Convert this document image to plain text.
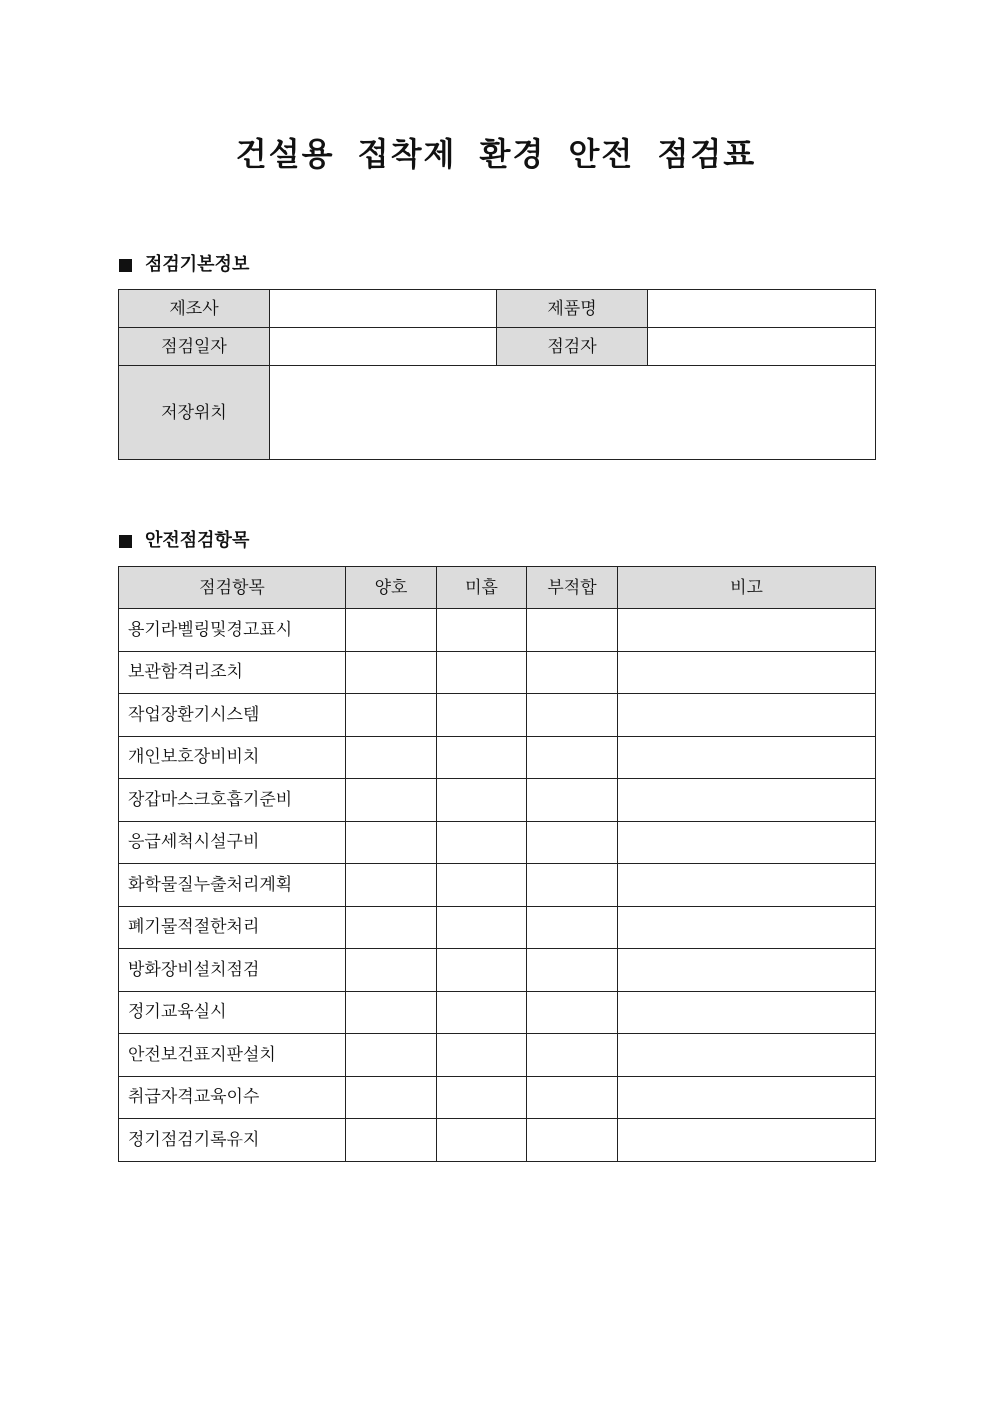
건설용 접착제 환경 안전 점검표
점검기본정보
제조사		제품명	
점검일자		점검자	
저장위치			
안전점검항목
점검항목	양호	미흡	부적합	비고
용기라벨링및경고표시				
보관함격리조치				
작업장환기시스템				
개인보호장비비치				
장갑마스크호흡기준비				
응급세척시설구비				
화학물질누출처리계획				
폐기물적절한처리				
방화장비설치점검				
정기교육실시				
안전보건표지판설치				
취급자격교육이수				
정기점검기록유지				
